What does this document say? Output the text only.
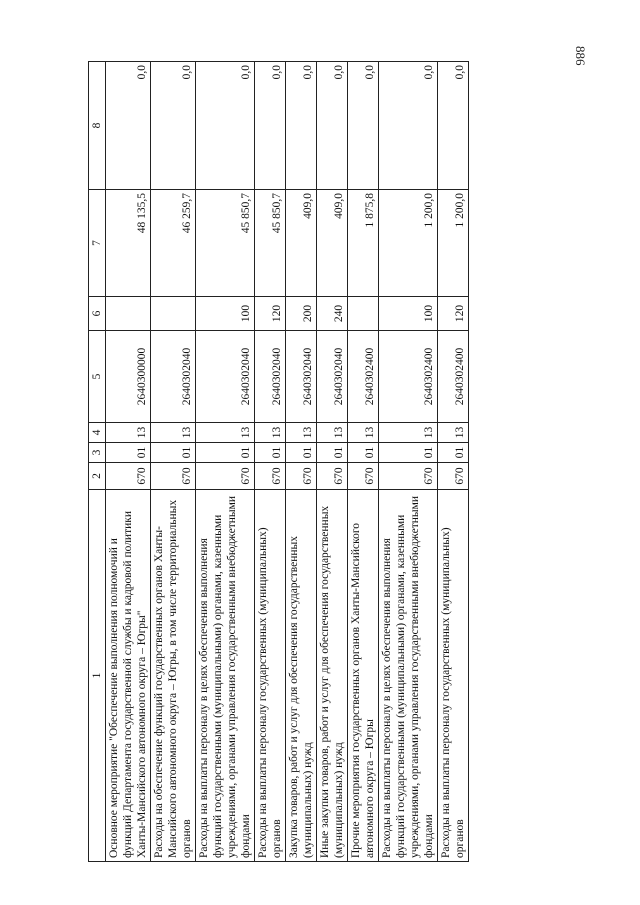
886
1	2	3	4	5	6	7	8
Основное мероприятие "Обеспечение выполнения полномочий и функций Департамента государственной службы и кадровой политики Ханты-Мансийского автономного округа – Югры"	670	01	13	2640300000		48 135,5	0,0
Расходы на обеспечение функций государственных органов Ханты-Мансийского автономного округа – Югры, в том числе территориальных органов	670	01	13	2640302040		46 259,7	0,0
Расходы на выплаты персоналу в целях обеспечения выполнения функций государственными (муниципальными) органами, казенными учреждениями, органами управления государственными внебюджетными фондами	670	01	13	2640302040	100	45 850,7	0,0
Расходы на выплаты персоналу государственных (муниципальных) органов	670	01	13	2640302040	120	45 850,7	0,0
Закупка товаров, работ и услуг для обеспечения государственных (муниципальных) нужд	670	01	13	2640302040	200	409,0	0,0
Иные закупки товаров, работ и услуг для обеспечения государственных (муниципальных) нужд	670	01	13	2640302040	240	409,0	0,0
Прочие мероприятия государственных органов Ханты-Мансийского автономного округа – Югры	670	01	13	2640302400		1 875,8	0,0
Расходы на выплаты персоналу в целях обеспечения выполнения функций государственными (муниципальными) органами, казенными учреждениями, органами управления государственными внебюджетными фондами	670	01	13	2640302400	100	1 200,0	0,0
Расходы на выплаты персоналу государственных (муниципальных) органов	670	01	13	2640302400	120	1 200,0	0,0
